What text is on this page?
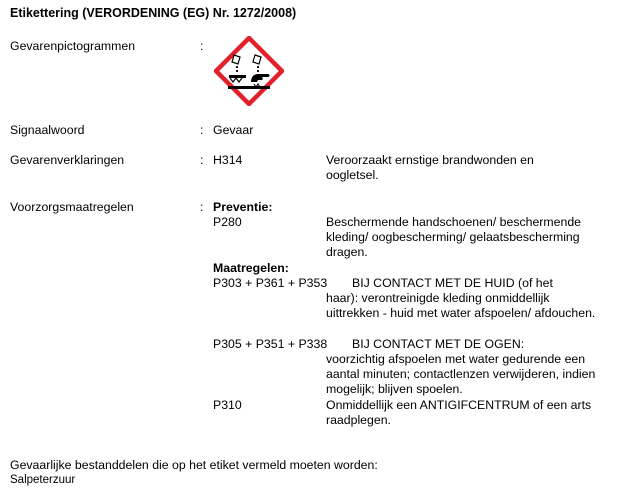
Etikettering (VERORDENING (EG) Nr. 1272/2008)
Gevarenpictogrammen	:
Signaalwoord	: Gevaar
Gevarenverklaringen	: H314	Veroorzaakt ernstige brandwonden en oogletsel.
Voorzorgsmaatregelen	: Preventie:
P280	Beschermende handschoenen/ beschermende kleding/ oogbescherming/ gelaatsbescherming dragen.
Maatregelen:
P303 + P361 + P353 BIJ CONTACT MET DE HUID (of het
haar): verontreinigde kleding onmiddellijk uittrekken - huid met water afspoelen/ afdouchen.
P305 + P351 + P338 BIJ CONTACT MET DE OGEN:
voorzichtig afspoelen met water gedurende een aantal minuten; contactlenzen verwijderen, indien mogelijk; blijven spoelen.
P310	Onmiddellijk een ANTIGIFCENTRUM of een arts raadplegen.
Gevaarlijke bestanddelen die op het etiket vermeld moeten worden:
Salpeterzuur
